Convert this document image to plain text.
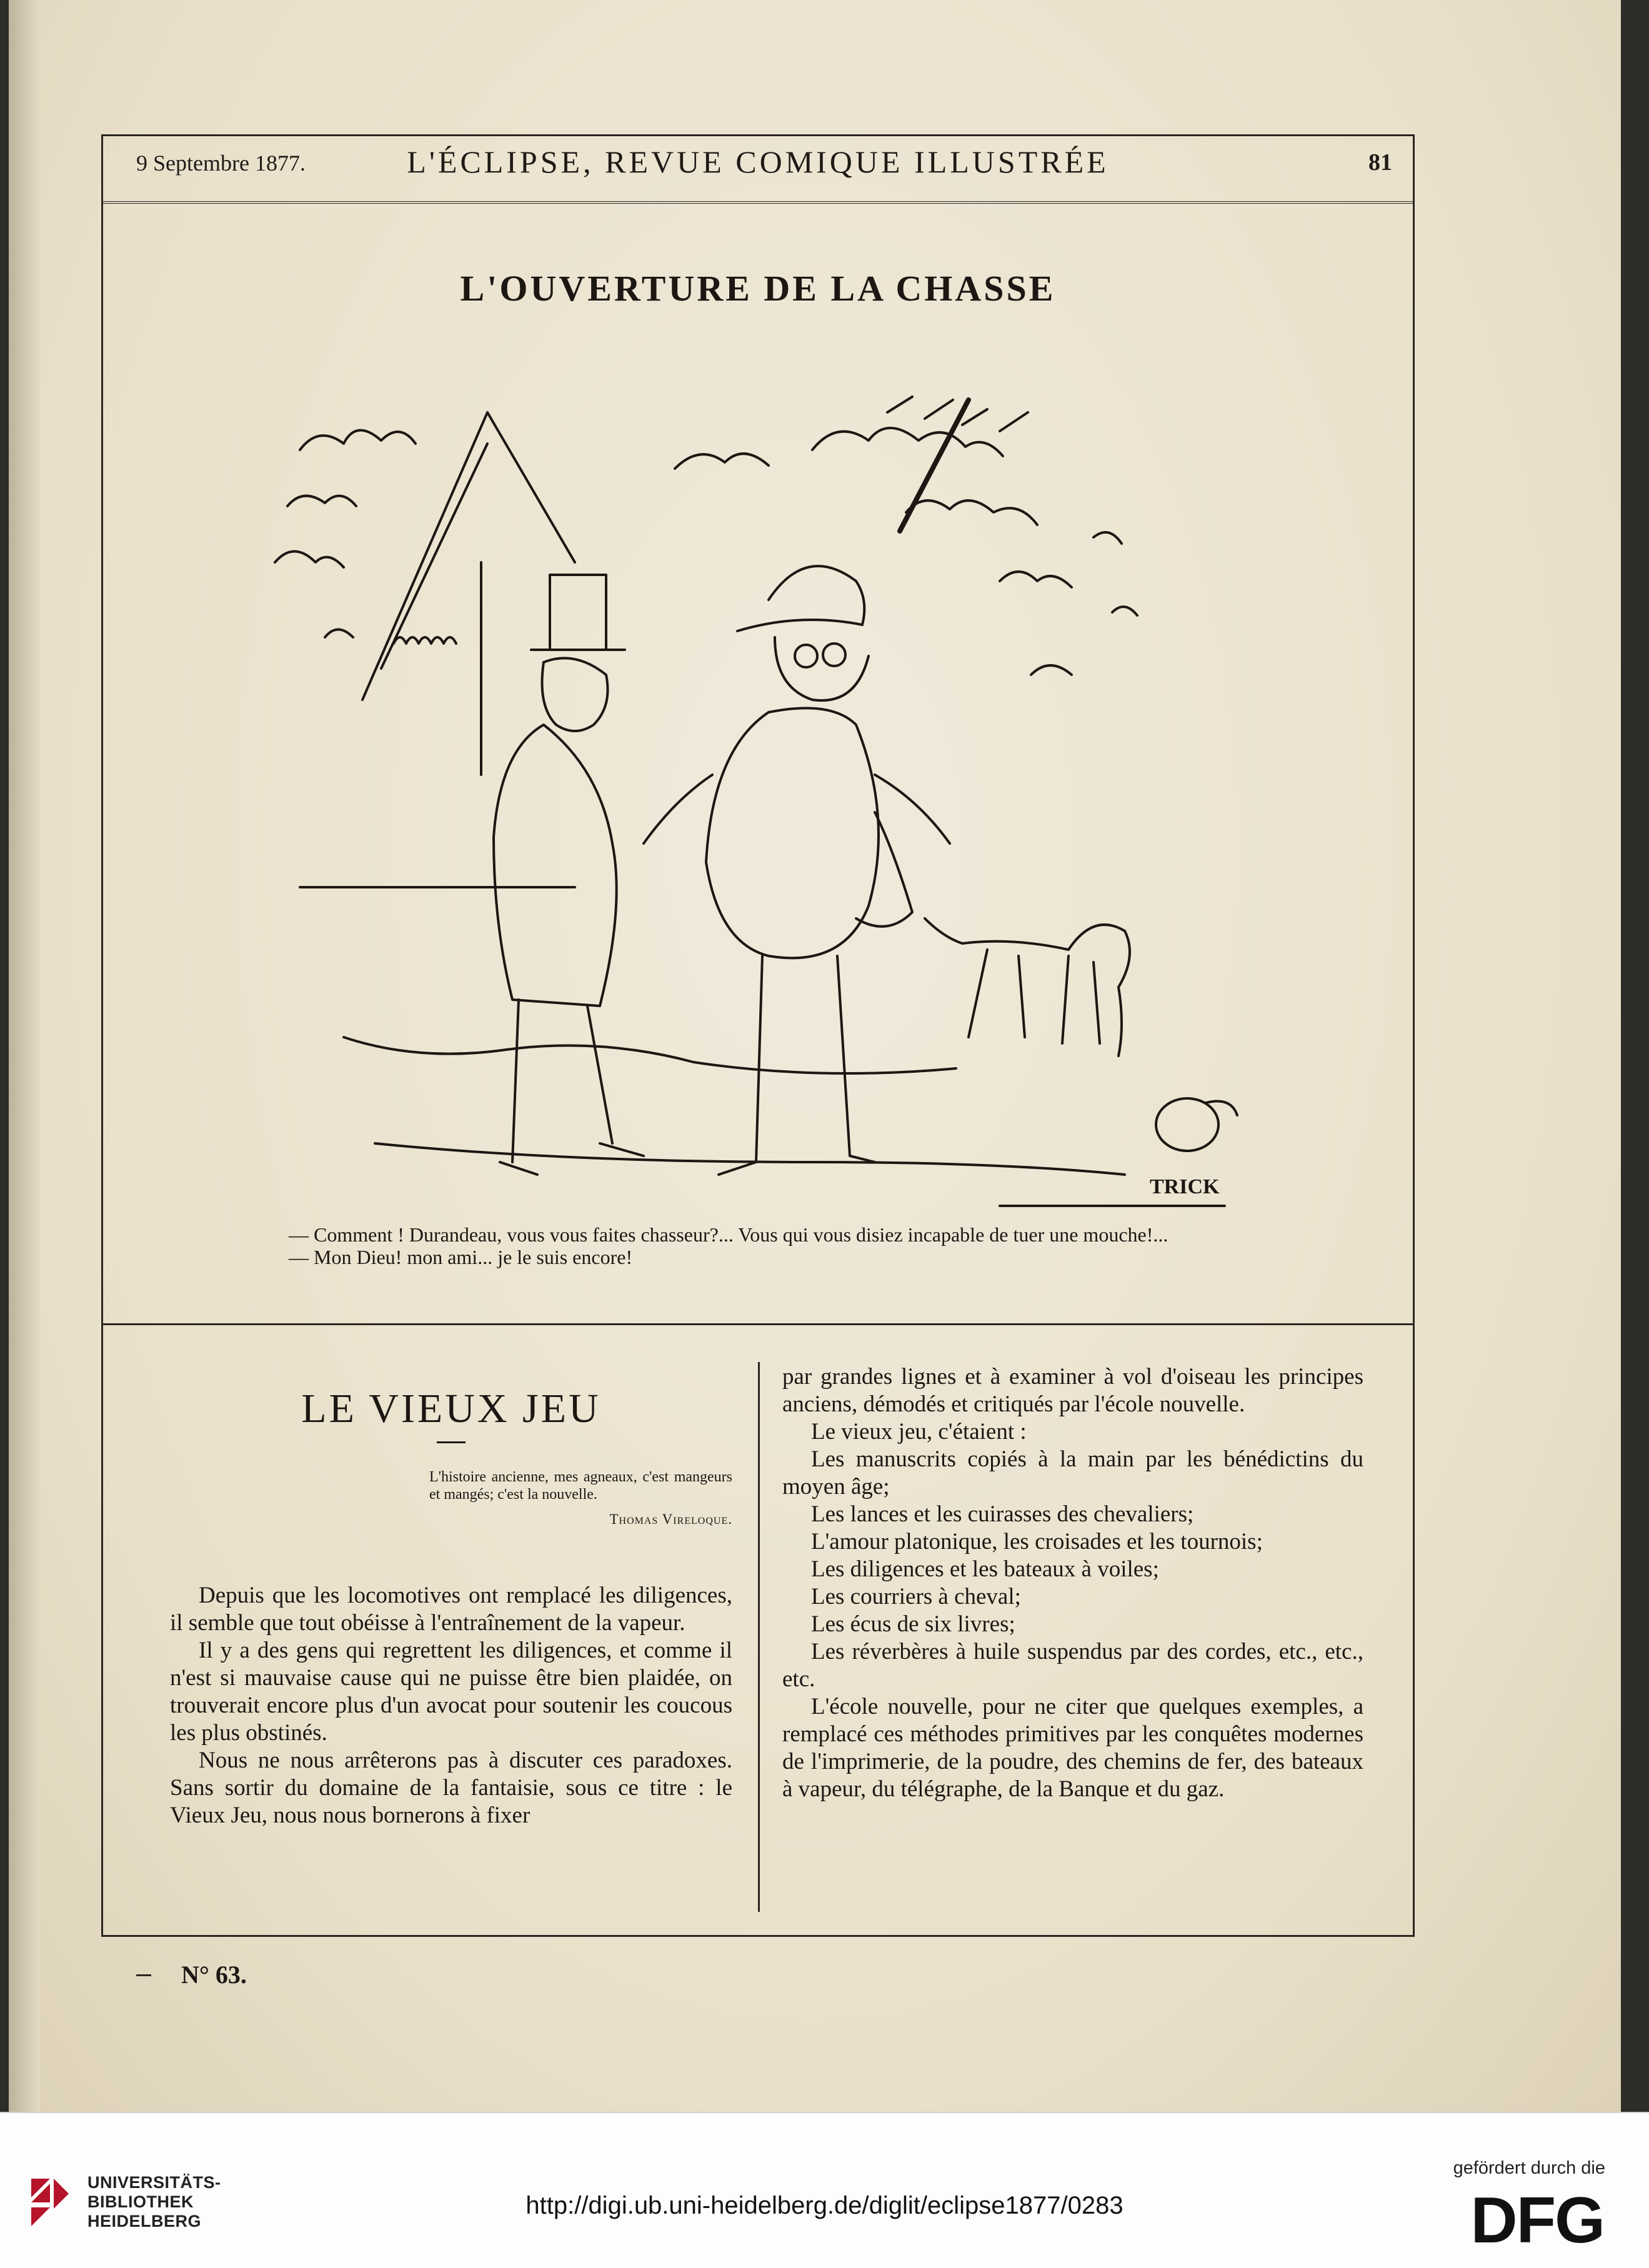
9 Septembre 1877.	L'ÉCLIPSE, REVUE COMIQUE ILLUSTRÉE	81
L'OUVERTURE DE LA CHASSE
TRICK

— Comment ! Durandeau, vous vous faites chasseur?... Vous qui vous disiez incapable de tuer une mouche!...

— Mon Dieu! mon ami... je le suis encore!

LE VIEUX JEU
L'histoire ancienne, mes agneaux, c'est mangeurs et mangés; c'est la nouvelle.
Thomas Vireloque.

Depuis que les locomotives ont remplacé les diligences, il semble que tout obéisse à l'entraînement de la vapeur.

Il y a des gens qui regrettent les diligences, et comme il n'est si mauvaise cause qui ne puisse être bien plaidée, on trouverait encore plus d'un avocat pour soutenir les coucous les plus obstinés.

Nous ne nous arrêterons pas à discuter ces paradoxes. Sans sortir du domaine de la fantaisie, sous ce titre : le Vieux Jeu, nous nous bornerons à fixer

par grandes lignes et à examiner à vol d'oiseau les principes anciens, démodés et critiqués par l'école nouvelle.

Le vieux jeu, c'étaient :

Les manuscrits copiés à la main par les bénédictins du moyen âge;

Les lances et les cuirasses des chevaliers;

L'amour platonique, les croisades et les tournois;

Les diligences et les bateaux à voiles;

Les courriers à cheval;

Les écus de six livres;

Les réverbères à huile suspendus par des cordes, etc., etc., etc.

L'école nouvelle, pour ne citer que quelques exemples, a remplacé ces méthodes primitives par les conquêtes modernes de l'imprimerie, de la poudre, des chemins de fer, des bateaux à vapeur, du télégraphe, de la Banque et du gaz.

N° 63.
UNIVERSITÄTS-
BIBLIOTHEK
HEIDELBERG
http://digi.ub.uni-heidelberg.de/diglit/eclipse1877/0283
gefördert durch die
DFG
